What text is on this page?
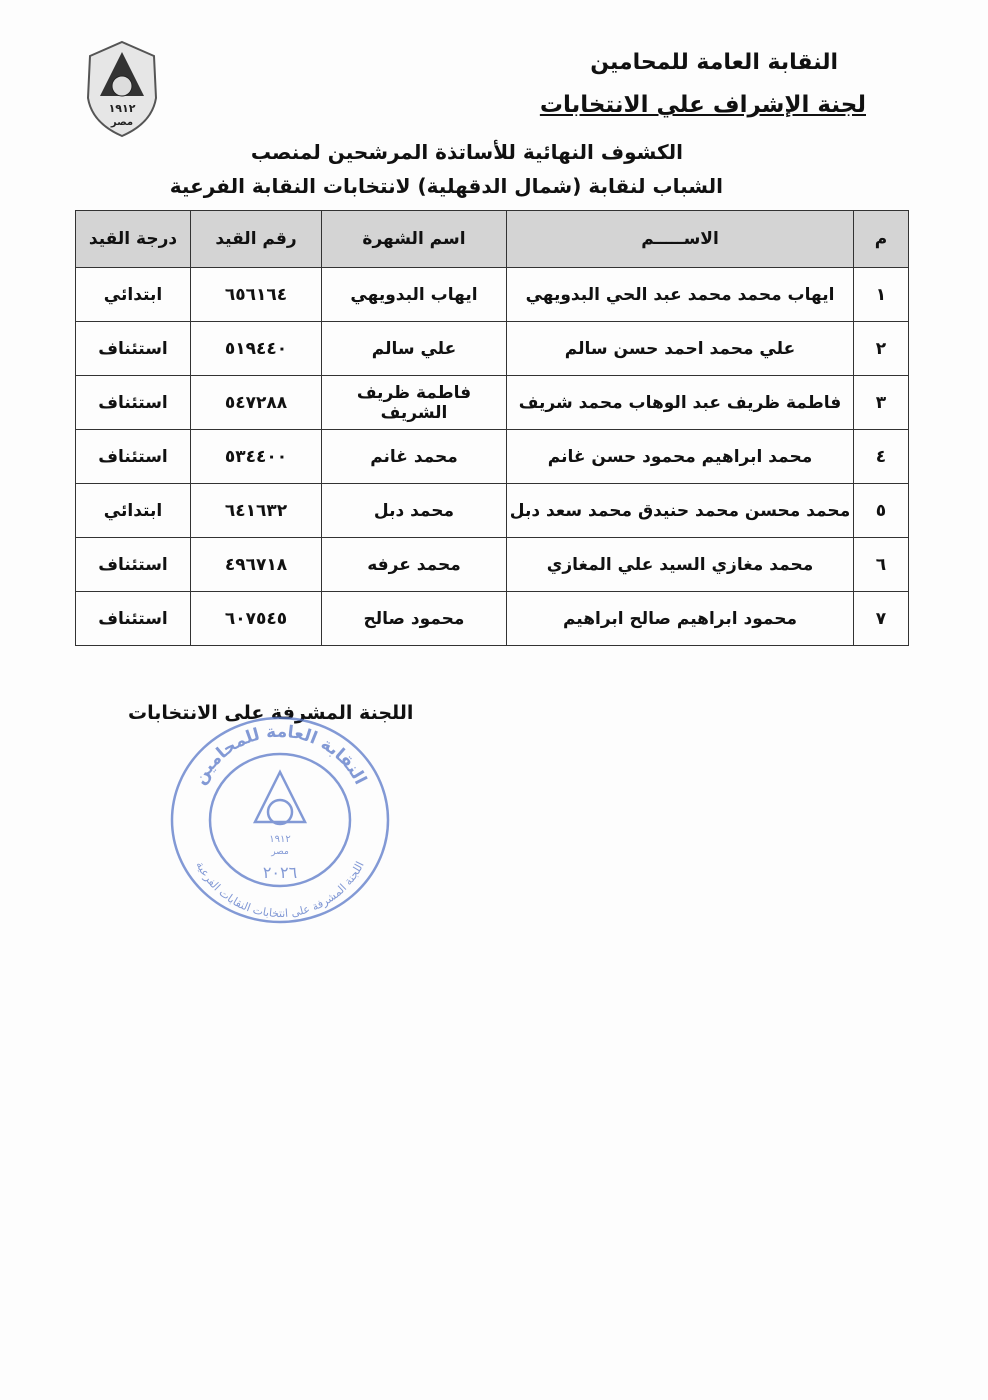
١٩١٢
مصر
النقابة العامة للمحامين
لجنة الإشراف علي الانتخابات
الكشوف النهائية للأساتذة المرشحين لمنصب
الشباب لنقابة (شمال الدقهلية) لانتخابات النقابة الفرعية
م	الاســـــم	اسم الشهرة	رقم القيد	درجة القيد
١	ايهاب محمد محمد عبد الحي البدويهي	ايهاب البدويهي	٦٥٦١٦٤	ابتدائي
٢	علي محمد احمد حسن سالم	علي سالم	٥١٩٤٤٠	استئناف
٣	فاطمة ظريف عبد الوهاب محمد شريف	فاطمة ظريف الشريف	٥٤٧٢٨٨	استئناف
٤	محمد ابراهيم محمود حسن غانم	محمد غانم	٥٣٤٤٠٠	استئناف
٥	محمد محسن محمد حنيدق محمد سعد دبل	محمد دبل	٦٤١٦٣٢	ابتدائي
٦	محمد مغازي السيد علي المغازي	محمد عرفه	٤٩٦٧١٨	استئناف
٧	محمود ابراهيم صالح ابراهيم	محمود صالح	٦٠٧٥٤٥	استئناف
اللجنة المشرفة على الانتخابات
النقابة العامة للمحامين
اللجنة المشرفة على انتخابات النقابات الفرعية
١٩١٢
مصر
٢٠٢٦
